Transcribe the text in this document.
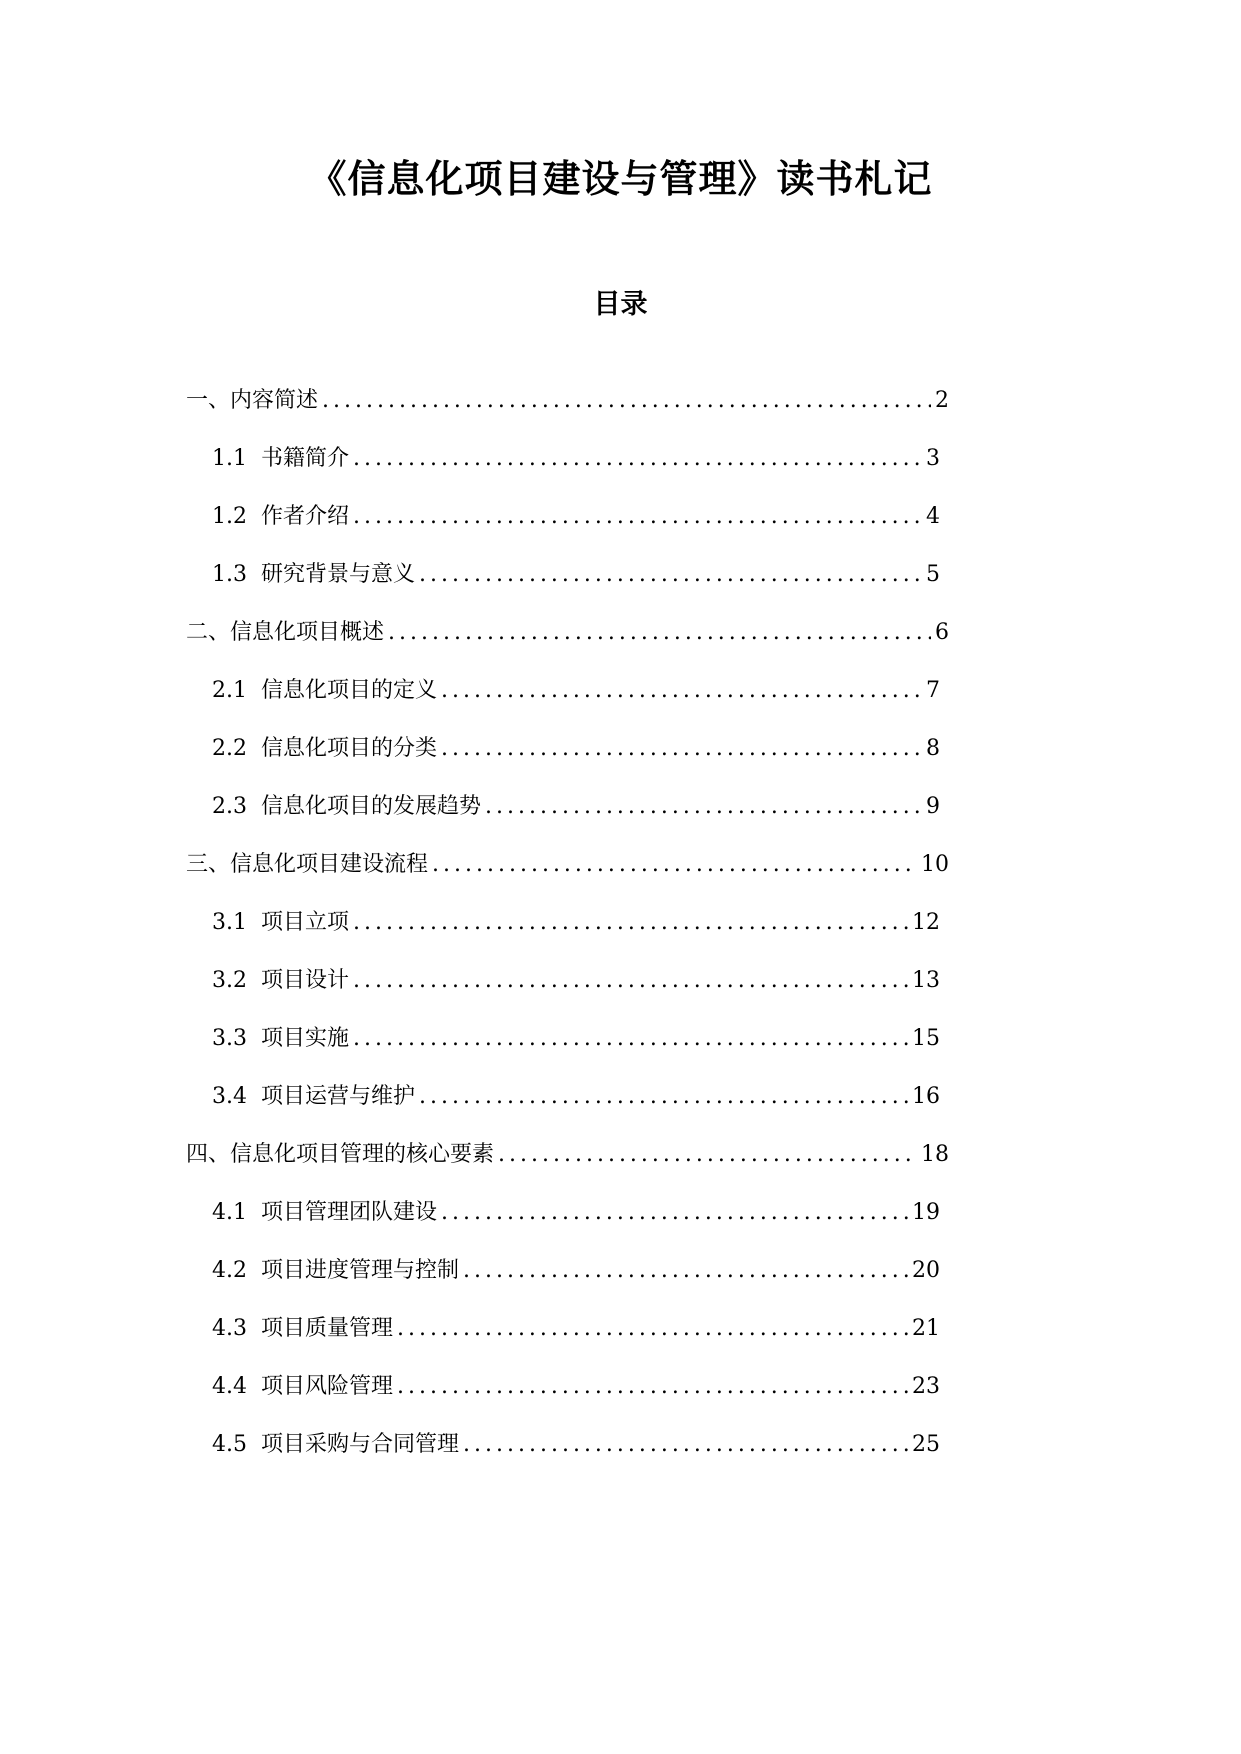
《信息化项目建设与管理》读书札记
目录
一、内容简述 .....	2
1.1 书籍简介 .....	3
1.2 作者介绍 .....	4
1.3 研究背景与意义 .....	5
二、信息化项目概述 .....	6
2.1 信息化项目的定义 .....	7
2.2 信息化项目的分类 .....	8
2.3 信息化项目的发展趋势 .....	9
三、信息化项目建设流程 .....	10
3.1 项目立项 .....	12
3.2 项目设计 .....	13
3.3 项目实施 .....	15
3.4 项目运营与维护 .....	16
四、信息化项目管理的核心要素 .....	18
4.1 项目管理团队建设 .....	19
4.2 项目进度管理与控制 .....	20
4.3 项目质量管理 .....	21
4.4 项目风险管理 .....	23
4.5 项目采购与合同管理 .....	25
